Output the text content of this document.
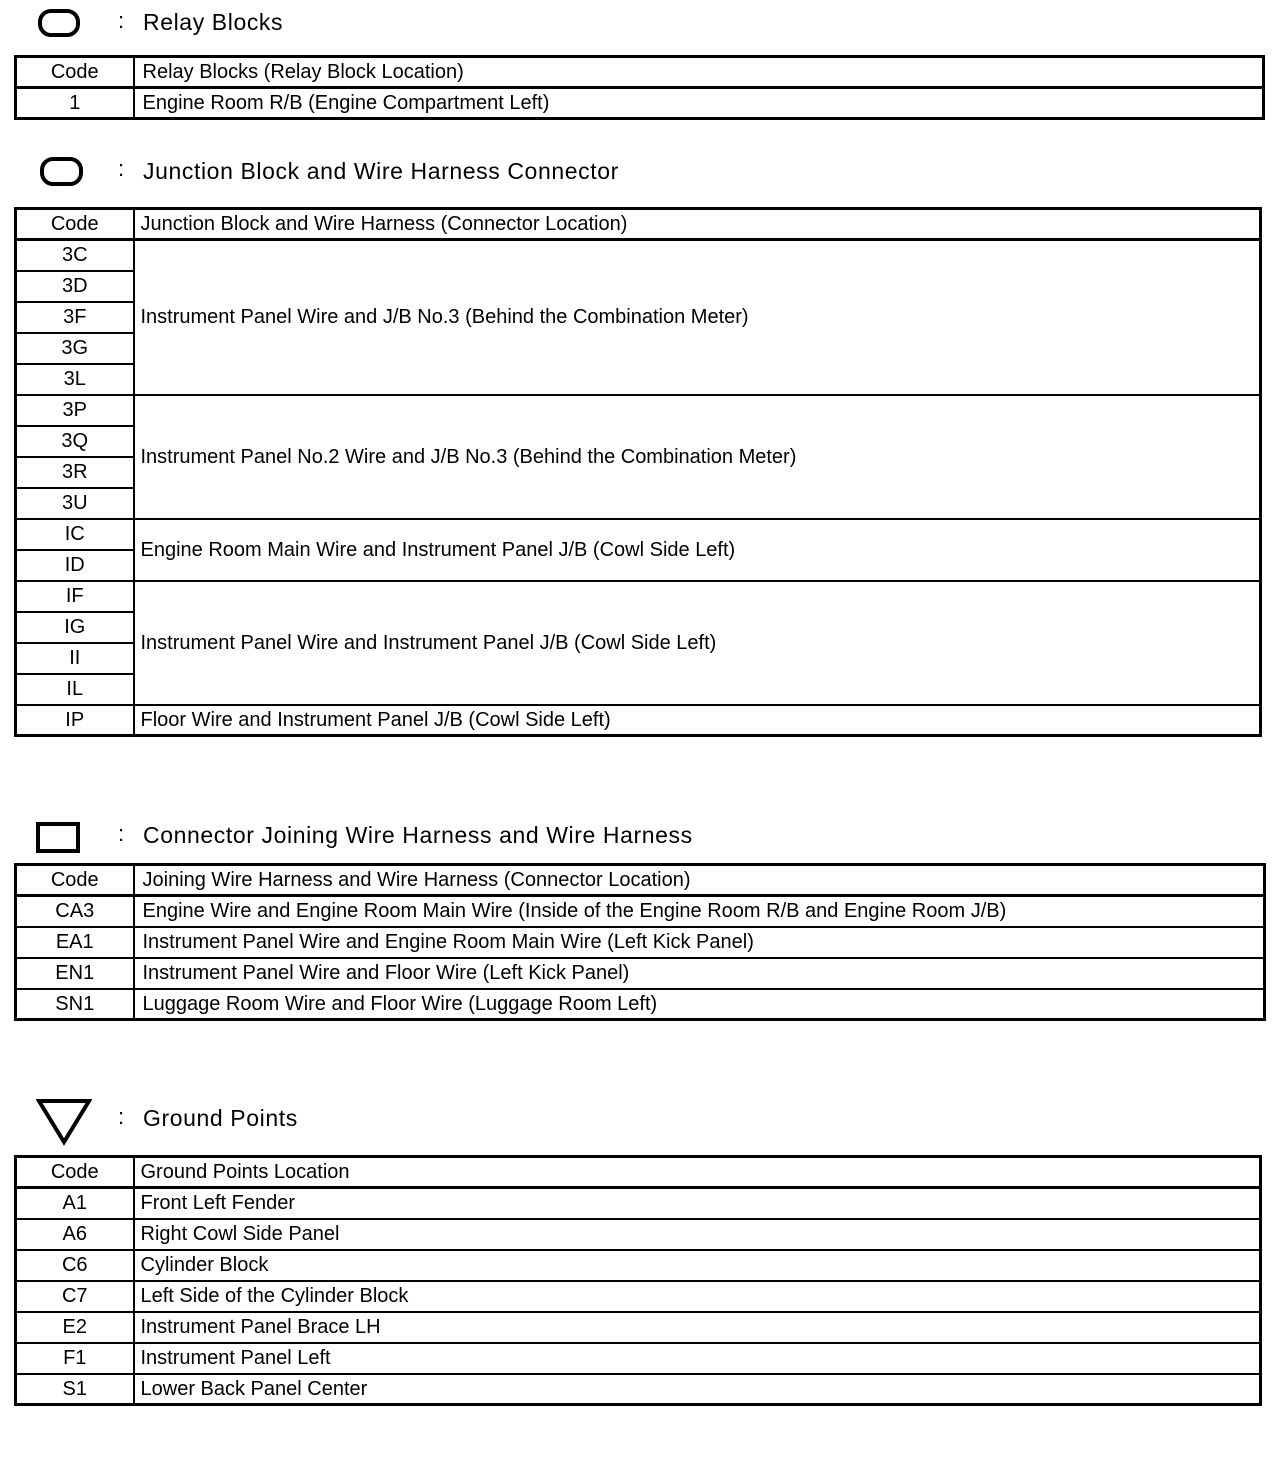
: Relay Blocks
Code	Relay Blocks (Relay Block Location)
1	Engine Room R/B (Engine Compartment Left)
: Junction Block and Wire Harness Connector
Code	Junction Block and Wire Harness (Connector Location)
3C	Instrument Panel Wire and J/B No.3 (Behind the Combination Meter)
3D	
3F	
3G	
3L	
3P	Instrument Panel No.2 Wire and J/B No.3 (Behind the Combination Meter)
3Q	
3R	
3U	
IC	Engine Room Main Wire and Instrument Panel J/B (Cowl Side Left)
ID	
IF	Instrument Panel Wire and Instrument Panel J/B (Cowl Side Left)
IG	
II	
IL	
IP	Floor Wire and Instrument Panel J/B (Cowl Side Left)
: Connector Joining Wire Harness and Wire Harness
Code	Joining Wire Harness and Wire Harness (Connector Location)
CA3	Engine Wire and Engine Room Main Wire (Inside of the Engine Room R/B and Engine Room J/B)
EA1	Instrument Panel Wire and Engine Room Main Wire (Left Kick Panel)
EN1	Instrument Panel Wire and Floor Wire (Left Kick Panel)
SN1	Luggage Room Wire and Floor Wire (Luggage Room Left)
: Ground Points
Code	Ground Points Location
A1	Front Left Fender
A6	Right Cowl Side Panel
C6	Cylinder Block
C7	Left Side of the Cylinder Block
E2	Instrument Panel Brace LH
F1	Instrument Panel Left
S1	Lower Back Panel Center
